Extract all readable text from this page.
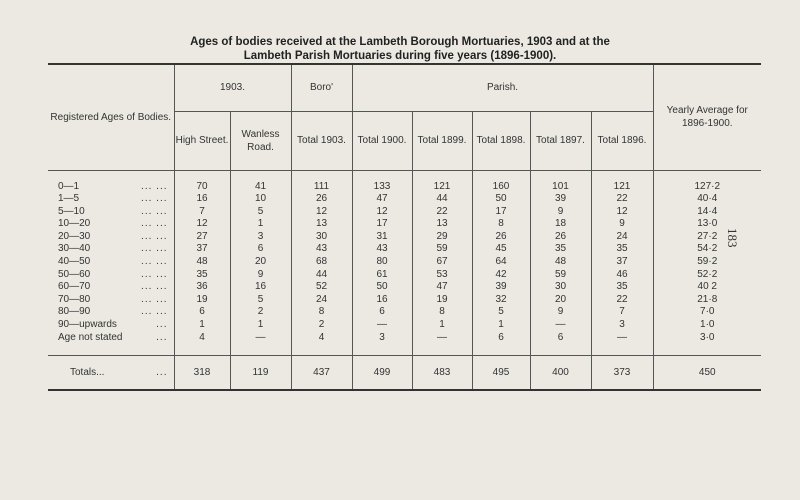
Ages of bodies received at the Lambeth Borough Mortuaries, 1903 and at the
Lambeth Parish Mortuaries during five years (1896-1900).
183
Registered Ages of Bodies.	1903.		Boro'	Parish.					Yearly Average for 1896-1900.
	High Street.	Wanless Road.	Total 1903.	Total 1900.	Total 1899.	Total 1898.	Total 1897.	Total 1896.	

0—1 ... ...	70	41	111	133	121	160	101	121	127·2
1—5 ... ...	16	10	26	47	44	50	39	22	40·4
5—10 ... ...	7	5	12	12	22	17	9	12	14·4
10—20 ... ...	12	1	13	17	13	8	18	9	13·0
20—30 ... ...	27	3	30	31	29	26	26	24	27·2
30—40 ... ...	37	6	43	43	59	45	35	35	54·2
40—50 ... ...	48	20	68	80	67	64	48	37	59·2
50—60 ... ...	35	9	44	61	53	42	59	46	52·2
60—70 ... ...	36	16	52	50	47	39	30	35	40 2
70—80 ... ...	19	5	24	16	19	32	20	22	21·8
80—90 ... ...	6	2	8	6	8	5	9	7	7·0
90—upwards ...	1	1	2	—	1	1	—	3	1·0
Age not stated ...	4	—	4	3	—	6	6	—	3·0

Totals... ...	318	119	437	499	483	495	400	373	450
